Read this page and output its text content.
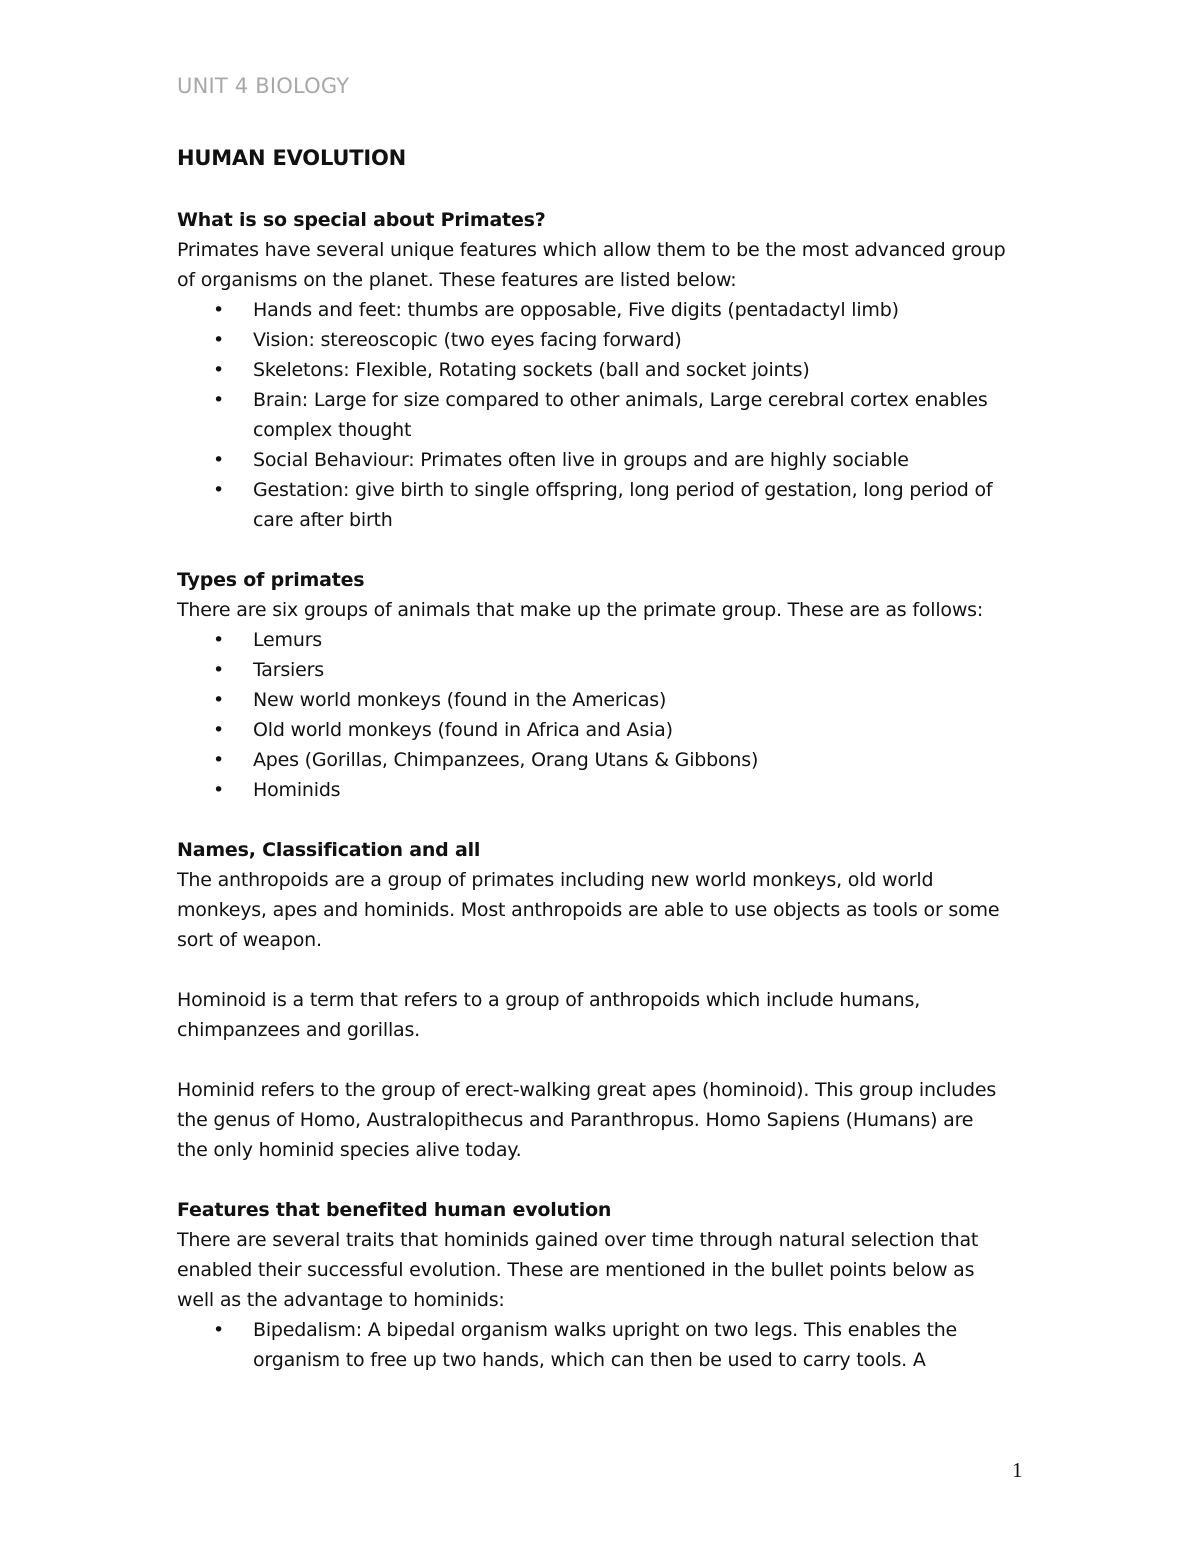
UNIT 4 BIOLOGY
HUMAN EVOLUTION

What is so special about Primates?

Primates have several unique features which allow them to be the most advanced group of organisms on the planet. These features are listed below:

• Hands and feet: thumbs are opposable, Five digits (pentadactyl limb)
• Vision: stereoscopic (two eyes facing forward)
• Skeletons: Flexible, Rotating sockets (ball and socket joints)
• Brain: Large for size compared to other animals, Large cerebral cortex enables complex thought
• Social Behaviour: Primates often live in groups and are highly sociable
• Gestation: give birth to single offspring, long period of gestation, long period of care after birth

Types of primates

There are six groups of animals that make up the primate group. These are as follows:

• Lemurs
• Tarsiers
• New world monkeys (found in the Americas)
• Old world monkeys (found in Africa and Asia)
• Apes (Gorillas, Chimpanzees, Orang Utans & Gibbons)
• Hominids

Names, Classification and all

The anthropoids are a group of primates including new world monkeys, old world monkeys, apes and hominids. Most anthropoids are able to use objects as tools or some sort of weapon.

Hominoid is a term that refers to a group of anthropoids which include humans, chimpanzees and gorillas.

Hominid refers to the group of erect-walking great apes (hominoid). This group includes the genus of Homo, Australopithecus and Paranthropus. Homo Sapiens (Humans) are the only hominid species alive today.

Features that benefited human evolution

There are several traits that hominids gained over time through natural selection that enabled their successful evolution. These are mentioned in the bullet points below as well as the advantage to hominids:

• Bipedalism: A bipedal organism walks upright on two legs. This enables the organism to free up two hands, which can then be used to carry tools. A
1
